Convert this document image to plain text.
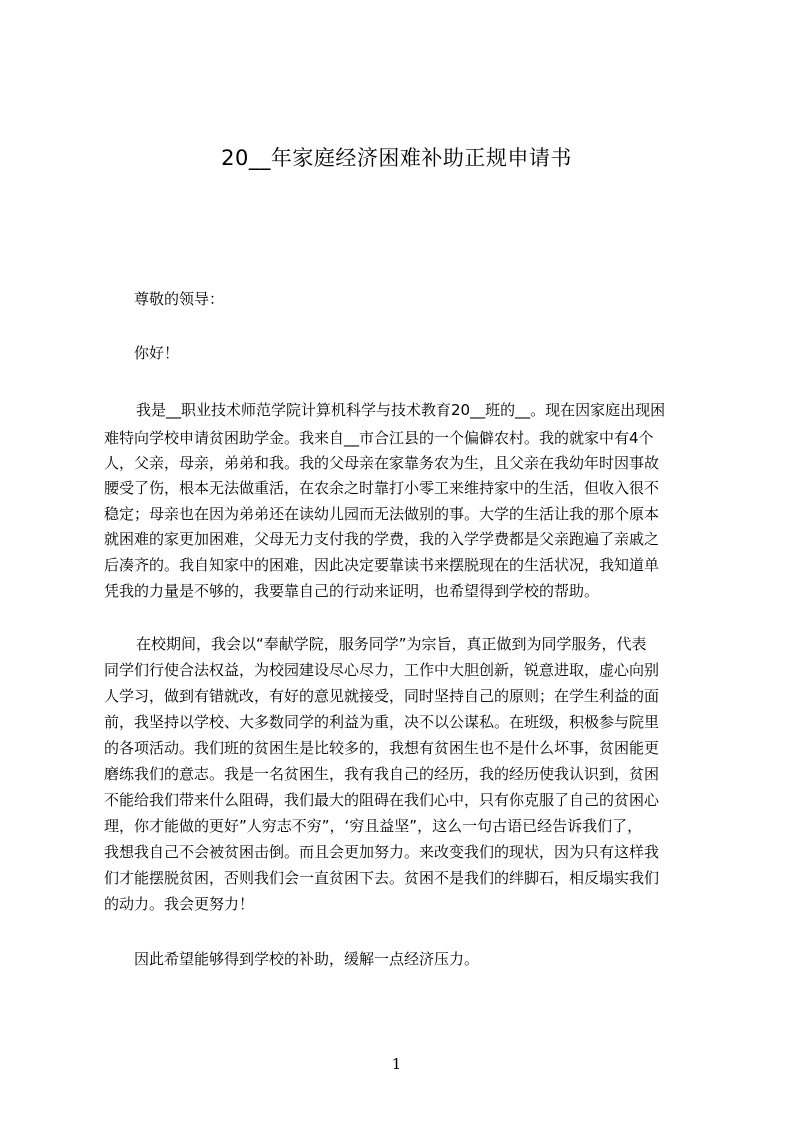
20__年家庭经济困难补助正规申请书
尊敬的领导：
你好！
我是__职业技术师范学院计算机科学与技术教育20__班的__。现在因家庭出现困
难特向学校申请贫困助学金。我来自__市合江县的一个偏僻农村。我的就家中有4个
人，父亲，母亲，弟弟和我。我的父母亲在家靠务农为生，且父亲在我幼年时因事故
腰受了伤，根本无法做重活，在农余之时靠打小零工来维持家中的生活，但收入很不
稳定；母亲也在因为弟弟还在读幼儿园而无法做别的事。大学的生活让我的那个原本
就困难的家更加困难，父母无力支付我的学费，我的入学学费都是父亲跑遍了亲戚之
后凑齐的。我自知家中的困难，因此决定要靠读书来摆脱现在的生活状况，我知道单
凭我的力量是不够的，我要靠自己的行动来证明，也希望得到学校的帮助。
在校期间，我会以“奉献学院，服务同学”为宗旨，真正做到为同学服务，代表
同学们行使合法权益，为校园建设尽心尽力，工作中大胆创新，锐意进取，虚心向别
人学习，做到有错就改，有好的意见就接受，同时坚持自己的原则；在学生利益的面
前，我坚持以学校、大多数同学的利益为重，决不以公谋私。在班级，积极参与院里
的各项活动。我们班的贫困生是比较多的，我想有贫困生也不是什么坏事，贫困能更
磨练我们的意志。我是一名贫困生，我有我自己的经历，我的经历使我认识到，贫困
不能给我们带来什么阻碍，我们最大的阻碍在我们心中，只有你克服了自己的贫困心
理，你才能做的更好”人穷志不穷”，‘穷且益坚”，这么一句古语已经告诉我们了，
我想我自己不会被贫困击倒。而且会更加努力。来改变我们的现状，因为只有这样我
们才能摆脱贫困，否则我们会一直贫困下去。贫困不是我们的绊脚石，相反塌实我们
的动力。我会更努力！
因此希望能够得到学校的补助，缓解一点经济压力。
1
